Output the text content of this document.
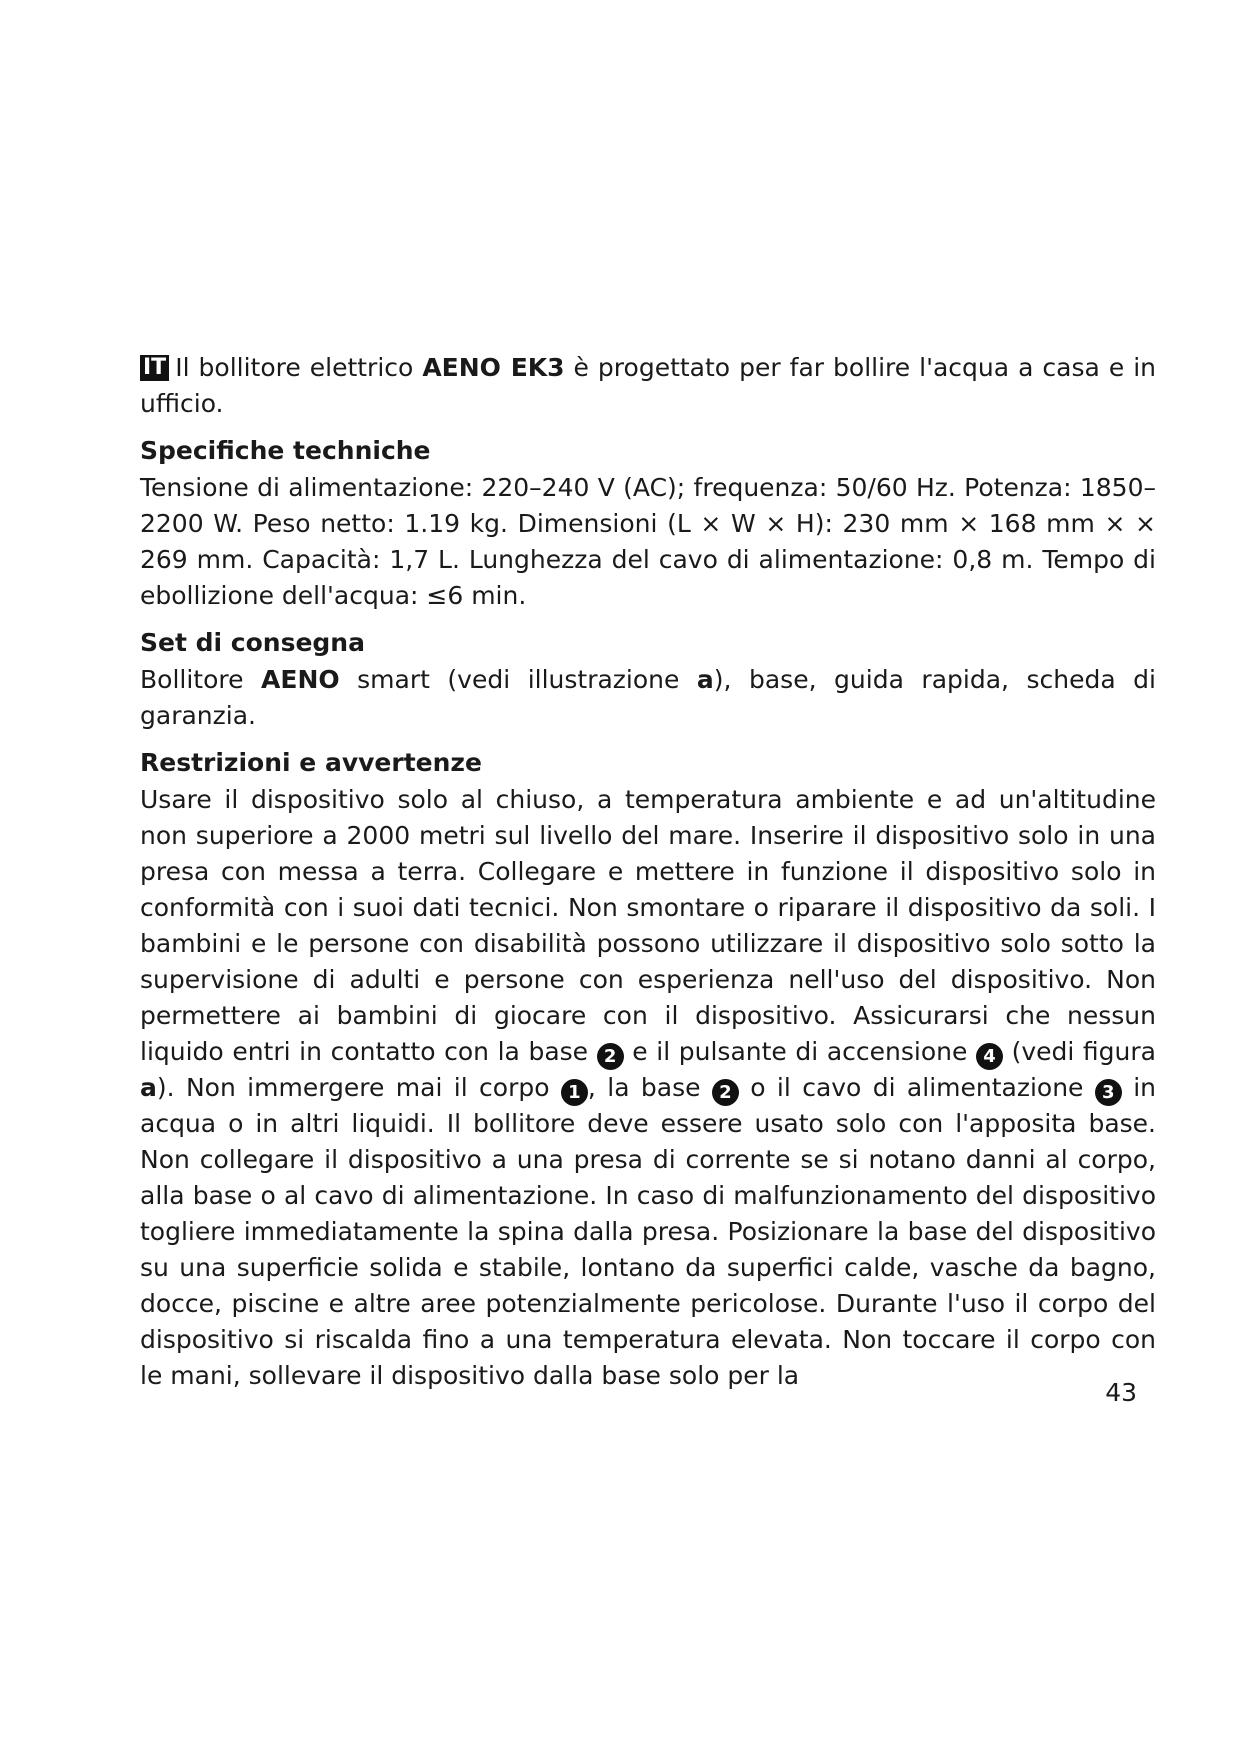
IT Il bollitore elettrico AENO EK3 è progettato per far bollire l'acqua a casa e in ufficio.

Specifiche techniche

Tensione di alimentazione: 220–240 V (AC); frequenza: 50/60 Hz. Potenza: 1850–2200 W. Peso netto: 1.19 kg. Dimensioni (L × W × H): 230 mm × 168 mm × × 269 mm. Capacità: 1,7 L. Lunghezza del cavo di alimentazione: 0,8 m. Tempo di ebollizione dell'acqua: ≤6 min.

Set di consegna

Bollitore AENO smart (vedi illustrazione a), base, guida rapida, scheda di garanzia.

Restrizioni e avvertenze

Usare il dispositivo solo al chiuso, a temperatura ambiente e ad un'altitudine non superiore a 2000 metri sul livello del mare. Inserire il dispositivo solo in una presa con messa a terra. Collegare e mettere in funzione il dispositivo solo in conformità con i suoi dati tecnici. Non smontare o riparare il dispositivo da soli. I bambini e le persone con disabilità possono utilizzare il dispositivo solo sotto la supervisione di adulti e persone con esperienza nell'uso del dispositivo. Non permettere ai bambini di giocare con il dispositivo. Assicurarsi che nessun liquido entri in contatto con la base 2 e il pulsante di accensione 4 (vedi figura a). Non immergere mai il corpo 1 , la base 2 o il cavo di alimentazione 3 in acqua o in altri liquidi. Il bollitore deve essere usato solo con l'apposita base. Non collegare il dispositivo a una presa di corrente se si notano danni al corpo, alla base o al cavo di alimentazione. In caso di malfunzionamento del dispositivo togliere immediatamente la spina dalla presa. Posizionare la base del dispositivo su una superficie solida e stabile, lontano da superfici calde, vasche da bagno, docce, piscine e altre aree potenzialmente pericolose. Durante l'uso il corpo del dispositivo si riscalda fino a una temperatura elevata. Non toccare il corpo con le mani, sollevare il dispositivo dalla base solo per la

43
